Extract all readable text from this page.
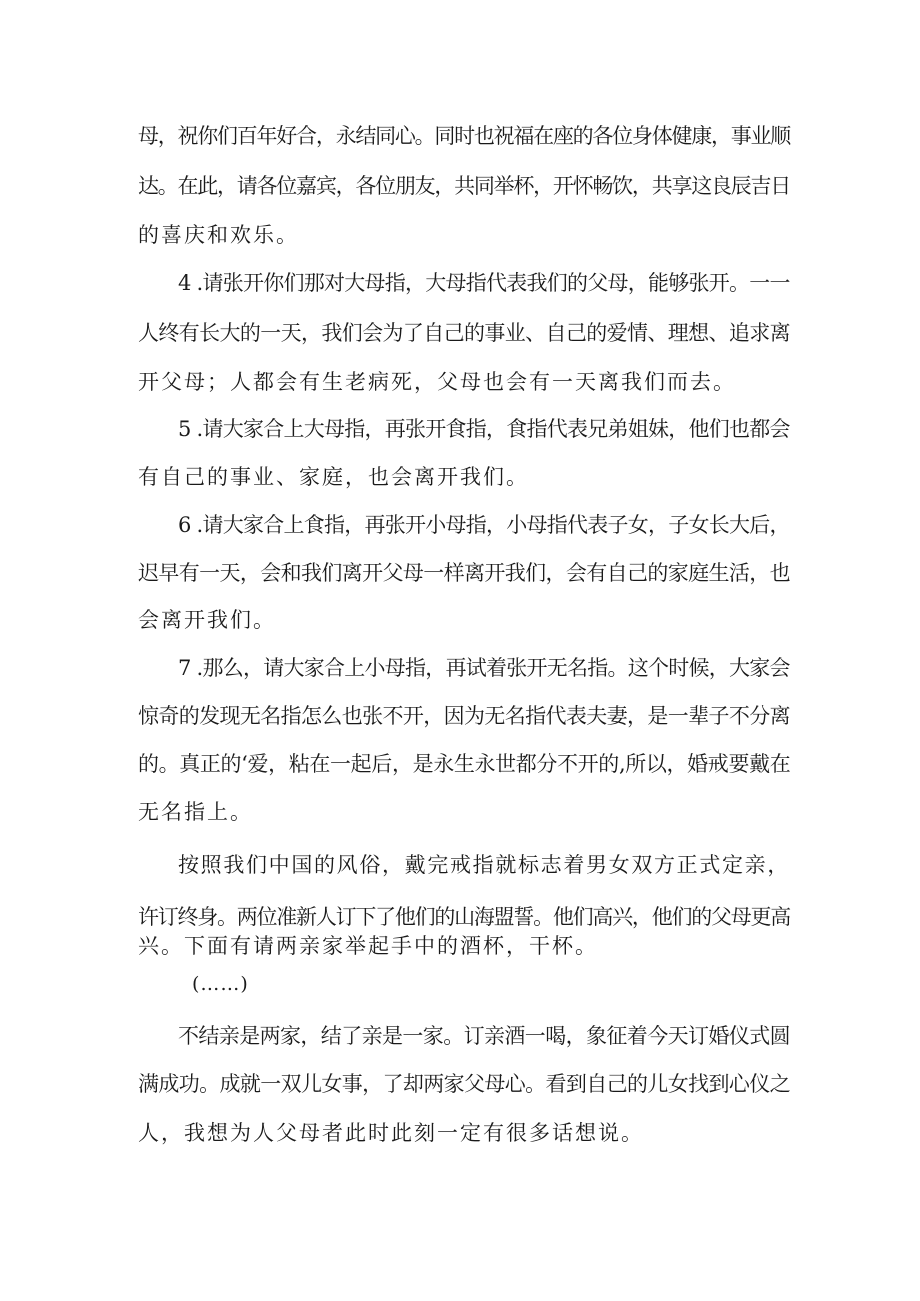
母，祝你们百年好合，永结同心。同时也祝福在座的各位身体健康，事业顺
达。在此，请各位嘉宾，各位朋友，共同举杯，开怀畅饮，共享这良辰吉日
的喜庆和欢乐。
4 .请张开你们那对大母指，大母指代表我们的父母，能够张开。一一
人终有长大的一天，我们会为了自己的事业、自己的爱情、理想、追求离
开父母；人都会有生老病死，父母也会有一天离我们而去。
5 .请大家合上大母指，再张开食指，食指代表兄弟姐妹，他们也都会
有自己的事业、家庭，也会离开我们。
6 .请大家合上食指，再张开小母指，小母指代表子女，子女长大后，
迟早有一天，会和我们离开父母一样离开我们，会有自己的家庭生活，也
会离开我们。
7 .那么，请大家合上小母指，再试着张开无名指。这个时候，大家会
惊奇的发现无名指怎么也张不开，因为无名指代表夫妻，是一辈子不分离
的。真正的‘爱，粘在一起后，是永生永世都分不开的,所以，婚戒要戴在
无名指上。
按照我们中国的风俗，戴完戒指就标志着男女双方正式定亲，
许订终身。两位准新人订下了他们的山海盟誓。他们高兴，他们的父母更高
兴。下面有请两亲家举起手中的酒杯，干杯。
(……)
不结亲是两家，结了亲是一家。订亲酒一喝，象征着今天订婚仪式圆
满成功。成就一双儿女事，了却两家父母心。看到自己的儿女找到心仪之
人，我想为人父母者此时此刻一定有很多话想说。
